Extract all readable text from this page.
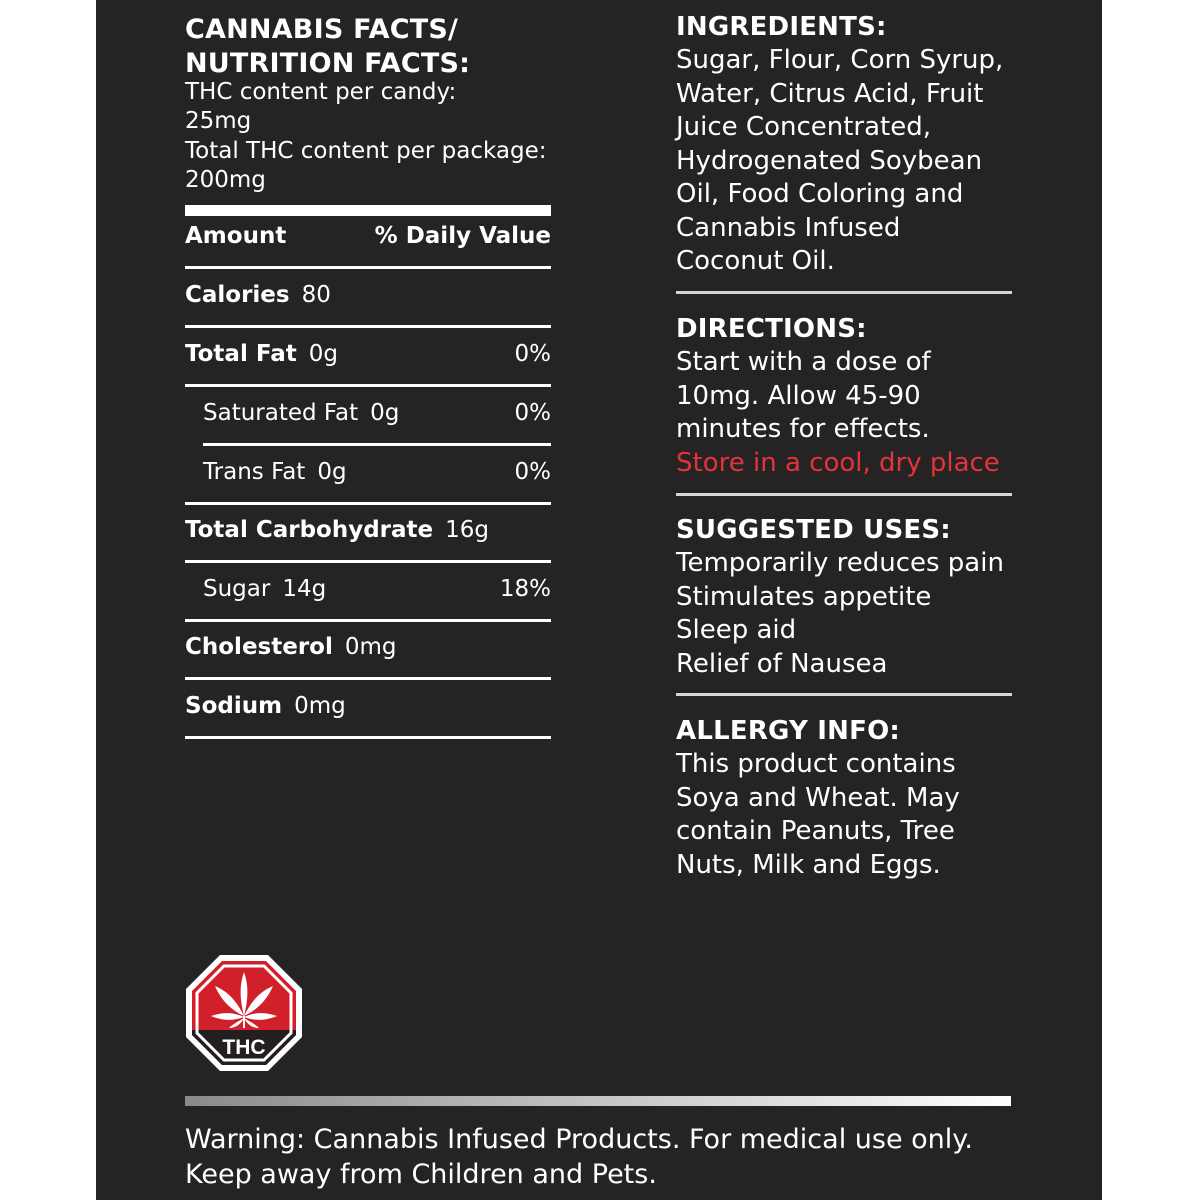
CANNABIS FACTS/
NUTRITION FACTS:
THC content per candy:
25mg
Total THC content per package:
200mg
Amount	% Daily Value
Calories 80
Total Fat 0g	0%
Saturated Fat 0g	0%
Trans Fat 0g	0%
Total Carbohydrate 16g
Sugar 14g	18%
Cholesterol 0mg
Sodium 0mg
INGREDIENTS:
Sugar, Flour, Corn Syrup,
Water, Citrus Acid, Fruit
Juice Concentrated,
Hydrogenated Soybean
Oil, Food Coloring and
Cannabis Infused
Coconut Oil.
DIRECTIONS:
Start with a dose of
10mg. Allow 45-90
minutes for effects.
Store in a cool, dry place
SUGGESTED USES:
Temporarily reduces pain
Stimulates appetite
Sleep aid
Relief of Nausea
ALLERGY INFO:
This product contains
Soya and Wheat. May
contain Peanuts, Tree
Nuts, Milk and Eggs.
THC
Warning: Cannabis Infused Products. For medical use only.
Keep away from Children and Pets.
